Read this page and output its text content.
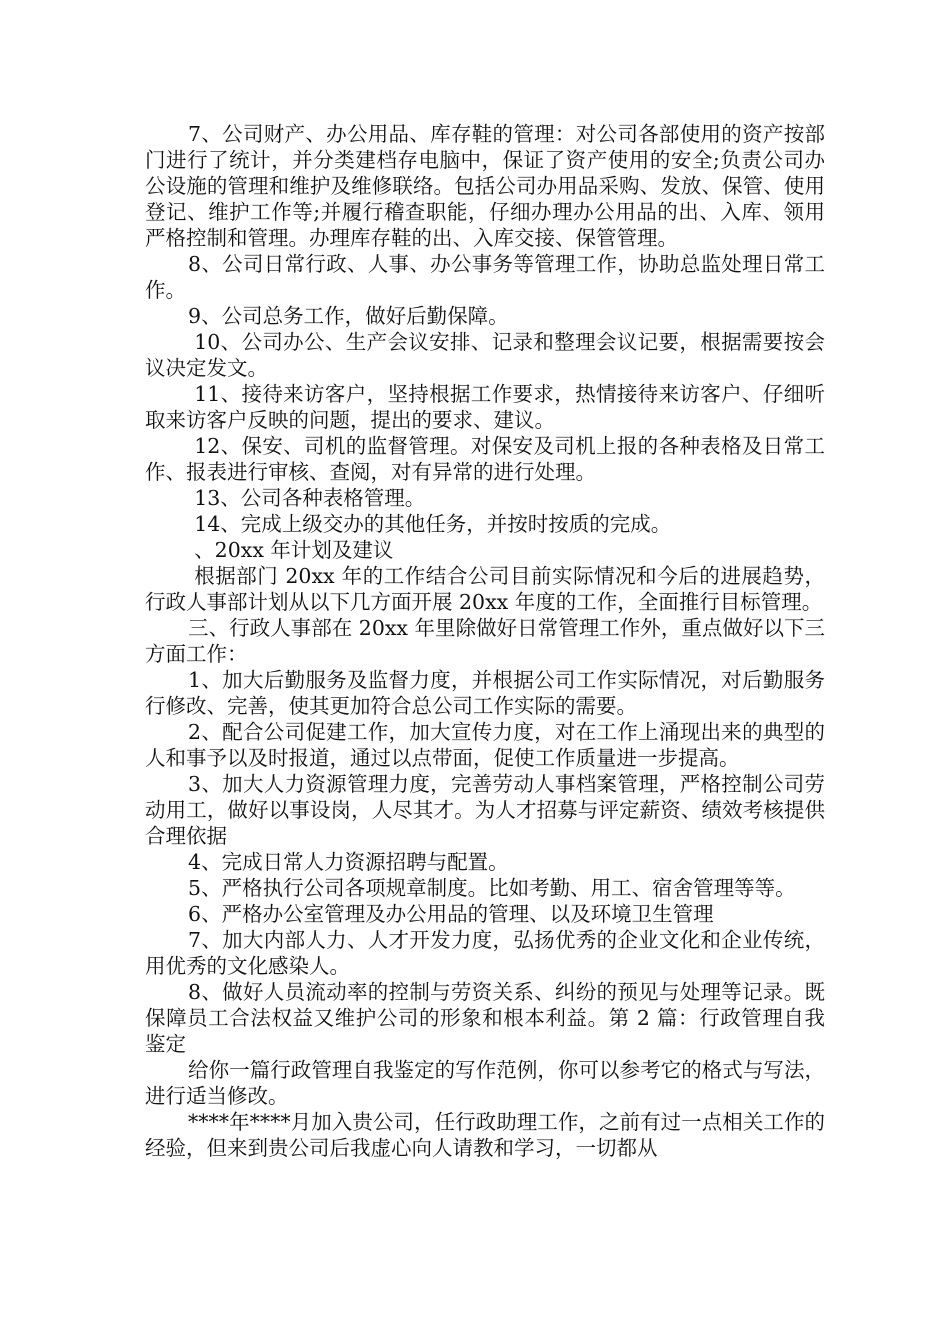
7、公司财产、办公用品、库存鞋的管理：对公司各部使用的资产按部门进行了统计，并分类建档存电脑中，保证了资产使用的安全;负责公司办公设施的管理和维护及维修联络。包括公司办用品采购、发放、保管、使用登记、维护工作等;并履行稽查职能，仔细办理办公用品的出、入库、领用严格控制和管理。办理库存鞋的出、入库交接、保管管理。

8、公司日常行政、人事、办公事务等管理工作，协助总监处理日常工作。

9、公司总务工作，做好后勤保障。

10、公司办公、生产会议安排、记录和整理会议记要，根据需要按会议决定发文。

11、接待来访客户，坚持根据工作要求，热情接待来访客户、仔细听取来访客户反映的问题，提出的要求、建议。

12、保安、司机的监督管理。对保安及司机上报的各种表格及日常工作、报表进行审核、查阅，对有异常的进行处理。

13、公司各种表格管理。

14、完成上级交办的其他任务，并按时按质的完成。

、20xx 年计划及建议

根据部门 20xx 年的工作结合公司目前实际情况和今后的进展趋势，行政人事部计划从以下几方面开展 20xx 年度的工作，全面推行目标管理。

三、行政人事部在 20xx 年里除做好日常管理工作外，重点做好以下三方面工作：

1、加大后勤服务及监督力度，并根据公司工作实际情况，对后勤服务行修改、完善，使其更加符合总公司工作实际的需要。

2、配合公司促建工作，加大宣传力度，对在工作上涌现出来的典型的人和事予以及时报道，通过以点带面，促使工作质量进一步提高。

3、加大人力资源管理力度，完善劳动人事档案管理，严格控制公司劳动用工，做好以事设岗，人尽其才。为人才招募与评定薪资、绩效考核提供合理依据

4、完成日常人力资源招聘与配置。

5、严格执行公司各项规章制度。比如考勤、用工、宿舍管理等等。

6、严格办公室管理及办公用品的管理、以及环境卫生管理

7、加大内部人力、人才开发力度，弘扬优秀的企业文化和企业传统，用优秀的文化感染人。

8、做好人员流动率的控制与劳资关系、纠纷的预见与处理等记录。既保障员工合法权益又维护公司的形象和根本利益。第 2 篇：行政管理自我鉴定

给你一篇行政管理自我鉴定的写作范例，你可以参考它的格式与写法，进行适当修改。

****年****月加入贵公司，任行政助理工作，之前有过一点相关工作的经验，但来到贵公司后我虚心向人请教和学习，一切都从
